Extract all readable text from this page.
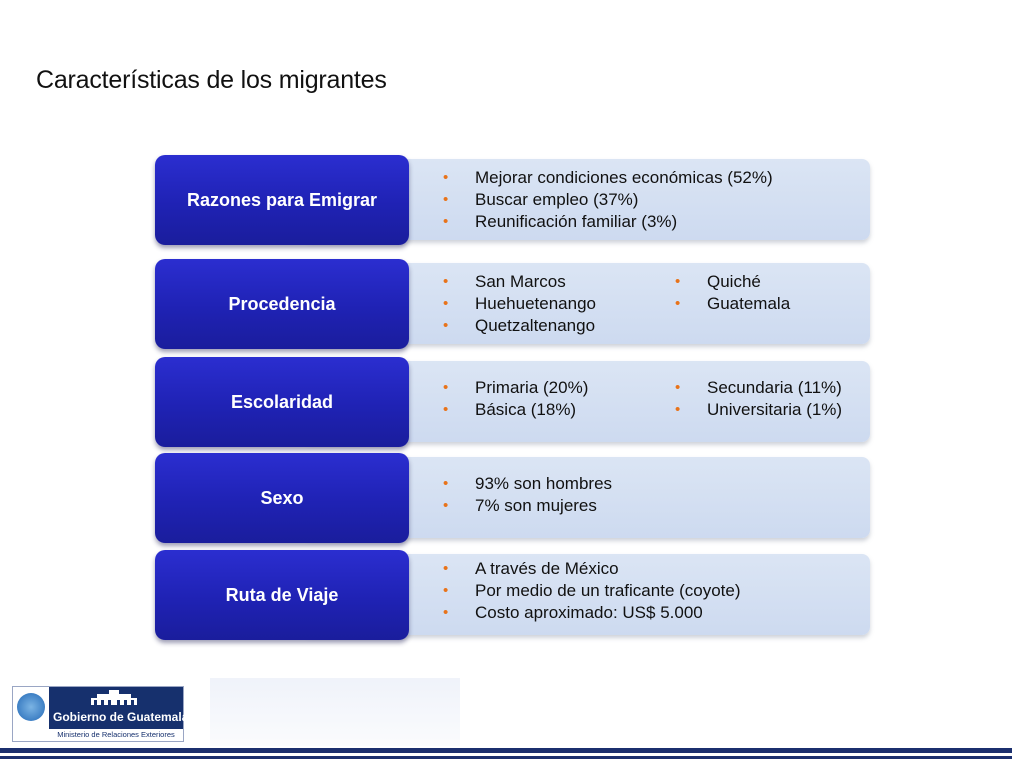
Características de los migrantes
Razones para Emigrar
• Mejorar condiciones económicas (52%)
• Buscar empleo (37%)
• Reunificación familiar (3%)
Procedencia
• San Marcos
• Huehuetenango
• Quetzaltenango
• Quiché
• Guatemala
Escolaridad
• Primaria (20%)
• Básica (18%)
• Secundaria (11%)
• Universitaria (1%)
Sexo
• 93% son hombres
• 7% son mujeres
Ruta de Viaje
• A través de México
• Por medio de un traficante (coyote)
• Costo aproximado: US$ 5.000
Gobierno de Guatemala
Ministerio de Relaciones Exteriores
